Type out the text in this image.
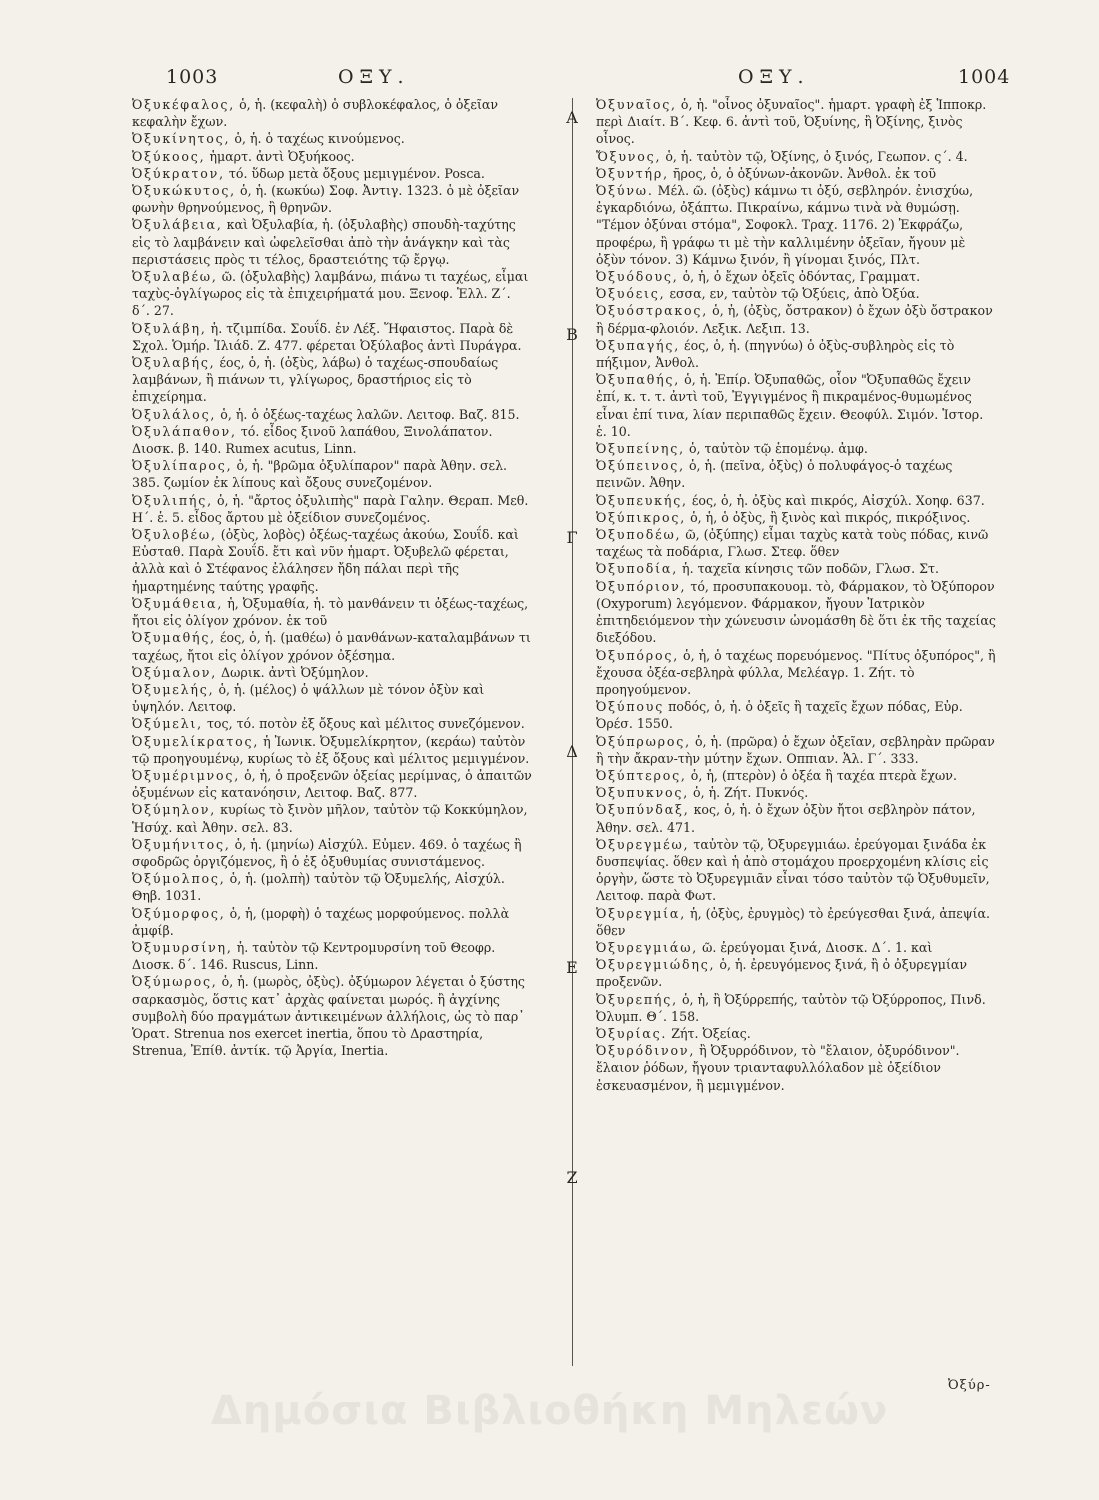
1003	ΟΞΥ.	ΟΞΥ.	1004

Ὀξυκέφαλος, ὁ, ἡ. (κεφαλὴ) ὁ συβλοκέφαλος, ὁ ὀξεῖαν κεφαλὴν ἔχων.

Ὀξυκίνητος, ὁ, ἡ. ὁ ταχέως κινούμενος.

Ὀξύκοος, ἡμαρτ. ἀντὶ Ὀξυήκοος.

Ὀξύκρατον, τό. ὕδωρ μετὰ ὄξους μεμιγμένον. Posca.

Ὀξυκώκυτος, ὁ, ἡ. (κωκύω) Σοφ. Ἀντιγ. 1323. ὁ μὲ ὀξεῖαν φωνὴν θρηνούμενος, ἢ θρηνῶν.

Ὀξυλάβεια, καὶ Ὀξυλαβία, ἡ. (ὀξυλαβὴς) σπουδὴ-ταχύτης εἰς τὸ λαμβάνειν καὶ ὠφελεῖσθαι ἀπὸ τὴν ἀνάγκην καὶ τὰς περιστάσεις πρὸς τι τέλος, δραστειότης τῷ ἔργῳ.

Ὀξυλαβέω, ῶ. (ὀξυλαβὴς) λαμβάνω, πιάνω τι ταχέως, εἶμαι ταχὺς-ὀγλίγωρος εἰς τὰ ἐπιχειρήματά μου. Ξενοφ. Ἑλλ. Ζ΄. δ΄. 27.

Ὀξυλάβη, ἡ. τζιμπίδα. Σουΐδ. ἐν Λέξ. Ἥφαιστος. Παρὰ δὲ Σχολ. Ὁμήρ. Ἰλιάδ. Ζ. 477. φέρεται Ὀξύλαβος ἀντὶ Πυράγρα.

Ὀξυλαβής, έος, ὁ, ἡ. (ὀξὺς, λάβω) ὁ ταχέως-σπουδαίως λαμβάνων, ἢ πιάνων τι, γλίγωρος, δραστήριος εἰς τὸ ἐπιχείρημα.

Ὀξυλάλος, ὁ, ἡ. ὁ ὀξέως-ταχέως λαλῶν. Λειτοφ. Βαζ. 815.

Ὀξυλάπαθον, τό. εἶδος ξινοῦ λαπάθου, Ξινολάπατον. Διοσκ. β. 140. Rumex acutus, Linn.

Ὀξυλίπαρος, ὁ, ἡ. "βρῶμα ὀξυλίπαρον" παρὰ Ἀθην. σελ. 385. ζωμίον ἐκ λίπους καὶ ὄξους συνεζομένον.

Ὀξυλιπής, ὁ, ἡ. "ἄρτος ὀξυλιπὴς" παρὰ Γαλην. Θεραπ. Μεθ. Η΄. ἑ. 5. εἶδος ἄρτου μὲ ὀξείδιον συνεζομένος.

Ὀξυλοβέω, (ὀξὺς, λοβὸς) ὀξέως-ταχέως ἀκούω, Σουΐδ. καὶ Εὐσταθ. Παρὰ Σουΐδ. ἔτι καὶ νῦν ἡμαρτ. Ὀξυβελῶ φέρεται, ἀλλὰ καὶ ὁ Στέφανος ἐλάλησεν ἤδη πάλαι περὶ τῆς ἡμαρτημένης ταύτης γραφῆς.

Ὀξυμάθεια, ἡ, Ὀξυμαθία, ἡ. τὸ μανθάνειν τι ὀξέως-ταχέως, ἤτοι εἰς ὀλίγον χρόνον. ἐκ τοῦ

Ὀξυμαθής, έος, ὁ, ἡ. (μαθέω) ὁ μανθάνων-καταλαμβάνων τι ταχέως, ἤτοι εἰς ὀλίγον χρόνον ὀξέσημα.

Ὀξύμαλον, Δωρικ. ἀντὶ Ὀξύμηλον.

Ὀξυμελής, ὁ, ἡ. (μέλος) ὁ ψάλλων μὲ τόνον ὀξὺν καὶ ὑψηλόν. Λειτοφ.

Ὀξύμελι, τος, τό. ποτὸν ἐξ ὄξους καὶ μέλιτος συνεζόμενον.

Ὀξυμελίκρατος, ἡ Ἰωνικ. Ὀξυμελίκρητον, (κεράω) ταὐτὸν τῷ προηγουμένῳ, κυρίως τὸ ἐξ ὄξους καὶ μέλιτος μεμιγμένον.

Ὀξυμέριμνος, ὁ, ἡ, ὁ προξενῶν ὀξείας μερίμνας, ὁ ἀπαιτῶν ὀξυμένων εἰς κατανόησιν, Λειτοφ. Βαζ. 877.

Ὀξύμηλον, κυρίως τὸ ξινὸν μῆλον, ταὐτὸν τῷ Κοκκύμηλον, Ἡσύχ. καὶ Ἀθην. σελ. 83.

Ὀξυμήνιτος, ὁ, ἡ. (μηνίω) Αἰσχύλ. Εὐμεν. 469. ὁ ταχέως ἢ σφοδρῶς ὀργιζόμενος, ἢ ὁ ἐξ ὀξυθυμίας συνιστάμενος.

Ὀξύμολπος, ὁ, ἡ. (μολπὴ) ταὐτὸν τῷ Ὀξυμελής, Αἰσχύλ. Θηβ. 1031.

Ὀξύμορφος, ὁ, ἡ, (μορφὴ) ὁ ταχέως μορφούμενος. πολλὰ ἀμφίβ.

Ὀξυμυρσίνη, ἡ. ταὐτὸν τῷ Κεντρομυρσίνη τοῦ Θεοφρ. Διοσκ. δ΄. 146. Ruscus, Linn.

Ὀξύμωρος, ὁ, ἡ. (μωρὸς, ὀξὺς). ὀξύμωρον λέγεται ὁ ξύστης σαρκασμὸς, ὅστις κατ᾽ ἀρχὰς φαίνεται μωρός. ἢ ἀγχίνης συμβολὴ δύο πραγμάτων ἀντικειμένων ἀλλήλοις, ὡς τὸ παρ᾽ Ὁρατ. Strenua nos exercet inertia, ὅπου τὸ Δραστηρία, Strenua, Ἐπίθ. ἀντίκ. τῷ Ἀργία, Inertia.

Ὀξυναῖος, ὁ, ἡ. "οἶνος ὀξυναῖος". ἡμαρτ. γραφὴ ἐξ Ἱπποκρ. περὶ Διαίτ. Β΄. Κεφ. 6. ἀντὶ τοῦ, Ὀξυίνης, ἢ Ὀξίνης, ξινὸς οἶνος.

Ὄξυνος, ὁ, ἡ. ταὐτὸν τῷ, Ὀξίνης, ὁ ξινός, Γεωπον. ς΄. 4.

Ὀξυντήρ, ῆρος, ὁ, ὁ ὀξύνων-ἀκονῶν. Ἀνθολ. ἐκ τοῦ

Ὀξύνω. Μέλ. ῶ. (ὀξὺς) κάμνω τι ὀξύ, σεβληρόν. ἐνισχύω, ἐγκαρδιόνω, ὀξάπτω. Πικραίνω, κάμνω τινὰ νὰ θυμώσῃ. "Τέμον ὀξύναι στόμα", Σοφοκλ. Τραχ. 1176. 2) Ἐκφράζω, προφέρω, ἢ γράφω τι μὲ τὴν καλλιμένην ὀξεῖαν, ἤγουν μὲ ὀξὺν τόνον. 3) Κάμνω ξινόν, ἢ γίνομαι ξινός, Πλτ.

Ὀξυόδους, ὁ, ἡ, ὁ ἔχων ὀξεῖς ὀδόντας, Γραμματ.

Ὀξυόεις, εσσα, εν, ταὐτὸν τῷ Ὀξύεις, ἀπὸ Ὀξύα.

Ὀξυόστρακος, ὁ, ἡ, (ὀξὺς, ὄστρακον) ὁ ἔχων ὀξὺ ὄστρακον ἢ δέρμα-φλοιόν. Λεξικ. Λεξιπ. 13.

Ὀξυπαγής, έος, ὁ, ἡ. (πηγνύω) ὁ ὀξὺς-συβληρὸς εἰς τὸ πήξιμον, Ἀνθολ.

Ὀξυπαθής, ὁ, ἡ. Ἐπίρ. Ὀξυπαθῶς, οἷον "Ὀξυπαθῶς ἔχειν ἐπί, κ. τ. τ. ἀντὶ τοῦ, Ἐγγιγμένος ἢ πικραμένος-θυμωμένος εἶναι ἐπί τινα, λίαν περιπαθῶς ἔχειν. Θεοφύλ. Σιμόν. Ἱστορ. ἑ. 10.

Ὀξυπείνης, ὁ, ταὐτὸν τῷ ἑπομένῳ. ἀμφ.

Ὀξύπεινος, ὁ, ἡ. (πεῖνα, ὀξὺς) ὁ πολυφάγος-ὁ ταχέως πεινῶν. Ἀθην.

Ὀξυπευκής, έος, ὁ, ἡ. ὀξὺς καὶ πικρός, Αἰσχύλ. Χοηφ. 637.

Ὀξύπικρος, ὁ, ἡ, ὁ ὀξὺς, ἢ ξινὸς καὶ πικρός, πικρόξινος.

Ὀξυποδέω, ῶ, (ὀξύπης) εἶμαι ταχὺς κατὰ τοὺς πόδας, κινῶ ταχέως τὰ ποδάρια, Γλωσ. Στεφ. ὅθεν

Ὀξυποδία, ἡ. ταχεῖα κίνησις τῶν ποδῶν, Γλωσ. Στ.

Ὀξυπόριον, τό, προσυπακουομ. τὸ, Φάρμακον, τὸ Ὀξύπορον (Oxyporum) λεγόμενον. Φάρμακον, ἤγουν Ἰατρικὸν ἐπιτηδειόμενον τὴν χώνευσιν ὠνομάσθη δὲ ὅτι ἐκ τῆς ταχείας διεξόδου.

Ὀξυπόρος, ὁ, ἡ, ὁ ταχέως πορευόμενος. "Πίτυς ὀξυπόρος", ἢ ἔχουσα ὀξέα-σεβληρὰ φύλλα, Μελέαγρ. 1. Ζήτ. τὸ προηγούμενον.

Ὀξύπους ποδός, ὁ, ἡ. ὁ ὀξεῖς ἢ ταχεῖς ἔχων πόδας, Εὐρ. Ὀρέσ. 1550.

Ὀξύπρωρος, ὁ, ἡ. (πρῶρα) ὁ ἔχων ὀξεῖαν, σεβληρὰν πρῶραν ἢ τὴν ἄκραν-τὴν μύτην ἔχων. Οππιαν. Ἁλ. Γ΄. 333.

Ὀξύπτερος, ὁ, ἡ, (πτερὸν) ὁ ὀξέα ἢ ταχέα πτερὰ ἔχων.

Ὀξυπυκνος, ὁ, ἡ. Ζήτ. Πυκνός.

Ὀξυπύνδαξ, κος, ὁ, ἡ. ὁ ἔχων ὀξὺν ἤτοι σεβληρὸν πάτον, Ἀθην. σελ. 471.

Ὀξυρεγμέω, ταὐτὸν τῷ, Ὀξυρεγμιάω. ἐρεύγομαι ξινάδα ἐκ δυσπεψίας. ὅθεν καὶ ἡ ἀπὸ στομάχου προερχομένη κλίσις εἰς ὀργὴν, ὥστε τὸ Ὀξυρεγμιᾶν εἶναι τόσο ταὐτὸν τῷ Ὀξυθυμεῖν, Λειτοφ. παρὰ Φωτ.

Ὀξυρεγμία, ἡ, (ὀξὺς, ἐρυγμὸς) τὸ ἐρεύγεσθαι ξινά, ἀπεψία. ὅθεν

Ὀξυρεγμιάω, ῶ. ἐρεύγομαι ξινά, Διοσκ. Δ΄. 1. καὶ

Ὀξυρεγμιώδης, ὁ, ἡ. ἐρευγόμενος ξινά, ἢ ὁ ὀξυρεγμίαν προξενῶν.

Ὀξυρεπής, ὁ, ἡ, ἢ Ὀξύρρεπής, ταὐτὸν τῷ Ὀξύρροπος, Πινδ. Ὀλυμπ. Θ΄. 158.

Ὀξυρίας. Ζήτ. Ὀξείας.

Ὀξυρόδινον, ἢ Ὀξυρρόδινον, τὸ "ἔλαιον, ὀξυρόδινον". ἔλαιον ῥόδων, ἤγουν τριανταφυλλόλαδον μὲ ὀξείδιον ἐσκευασμένον, ἢ μεμιγμένον.

Α
Β
Γ
Δ
Ε
Ζ
Ὀξύρ-
Δημόσια Βιβλιοθήκη Μηλεών
